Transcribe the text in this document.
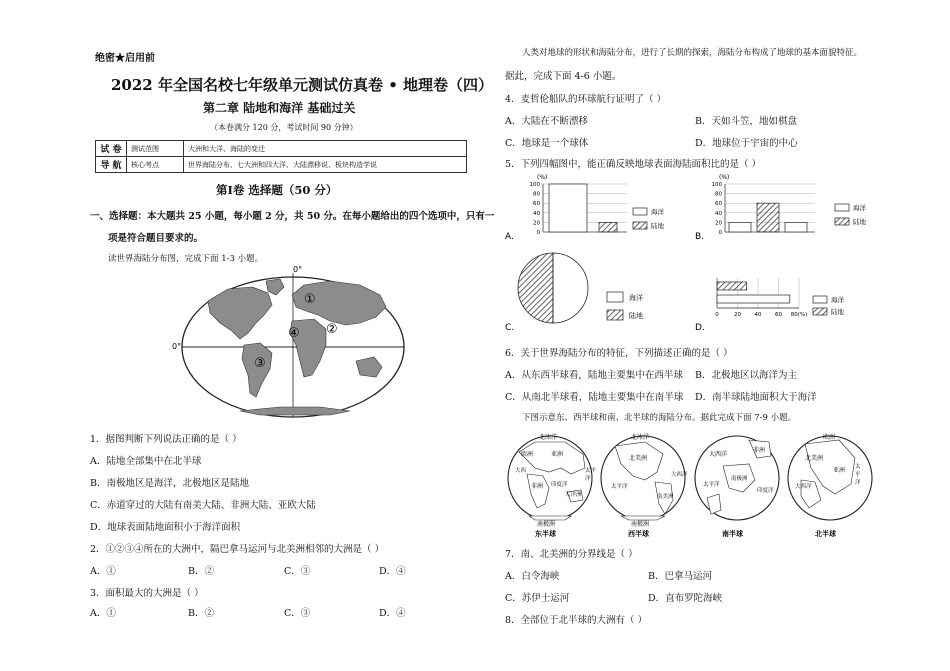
绝密★启用前
2022 年全国名校七年级单元测试仿真卷 • 地理卷（四）
第二章 陆地和海洋 基础过关
（本卷满分 120 分，考试时间 90 分钟）
试 卷	测试范围	大洲和大洋、海陆的变迁
导 航	核心考点	世界海陆分布、七大洲和四大洋、大陆漂移说、板块构造学说
第Ⅰ卷 选择题（50 分）
一、选择题：本大题共 25 小题，每小题 2 分，共 50 分。在每小题给出的四个选项中，只有一
项是符合题目要求的。
读世界海陆分布图，完成下面 1-3 小题。
0°
0°
①
②
③
④
1．据图判断下列说法正确的是（ ）
A．陆地全部集中在北半球
B．南极地区是海洋，北极地区是陆地
C．赤道穿过的大陆有南美大陆、非洲大陆、亚欧大陆
D．地球表面陆地面积小于海洋面积
2．①②③④所在的大洲中，隔巴拿马运河与北美洲相邻的大洲是（ ）
A．①	B．②	C．③	D．④
3．面积最大的大洲是（ ）
A．①	B．②	C．③	D．④
人类对地球的形状和海陆分布，进行了长期的探索，海陆分布构成了地球的基本面貌特征。
据此，完成下面 4-6 小题。
4．麦哲伦船队的环球航行证明了（ ）
A．大陆在不断漂移	B．天如斗笠，地如棋盘
C．地球是一个球体	D．地球位于宇宙的中心
5．下列四幅图中，能正确反映地球表面海陆面积比的是（ ）
(%)
100
80
60
40
20
0
海洋
陆地
A.
(%)
100
80
60
40
20
0
海洋
陆地
B.
海洋
陆地
C.
0	20 40 60 80(%)
海洋
陆地
D.
6．关于世界海陆分布的特征，下列描述正确的是（ ）
A．从东西半球看，陆地主要集中在西半球 B．北极地区以海洋为主
C．从南北半球看，陆地主要集中在南半球 D．南半球陆地面积大于海洋
下图示意东、西半球和南、北半球的海陆分布。据此完成下面 7-9 小题。
北冰洋
欧洲	亚洲
非洲
大洋洲
印度洋
太平
洋
大西
南极洲
东半球
北冰洋
北美洲
太平洋
大西洋
南美洲
南极洲
西半球
大西洋
非洲
太平洋
南极洲
印度洋
南半球
欧洲
北美洲
亚洲
大西洋
太
平
洋
北半球
7．南、北美洲的分界线是（ ）
A．白令海峡	B．巴拿马运河
C．苏伊士运河	D．直布罗陀海峡
8．全部位于北半球的大洲有（ ）
